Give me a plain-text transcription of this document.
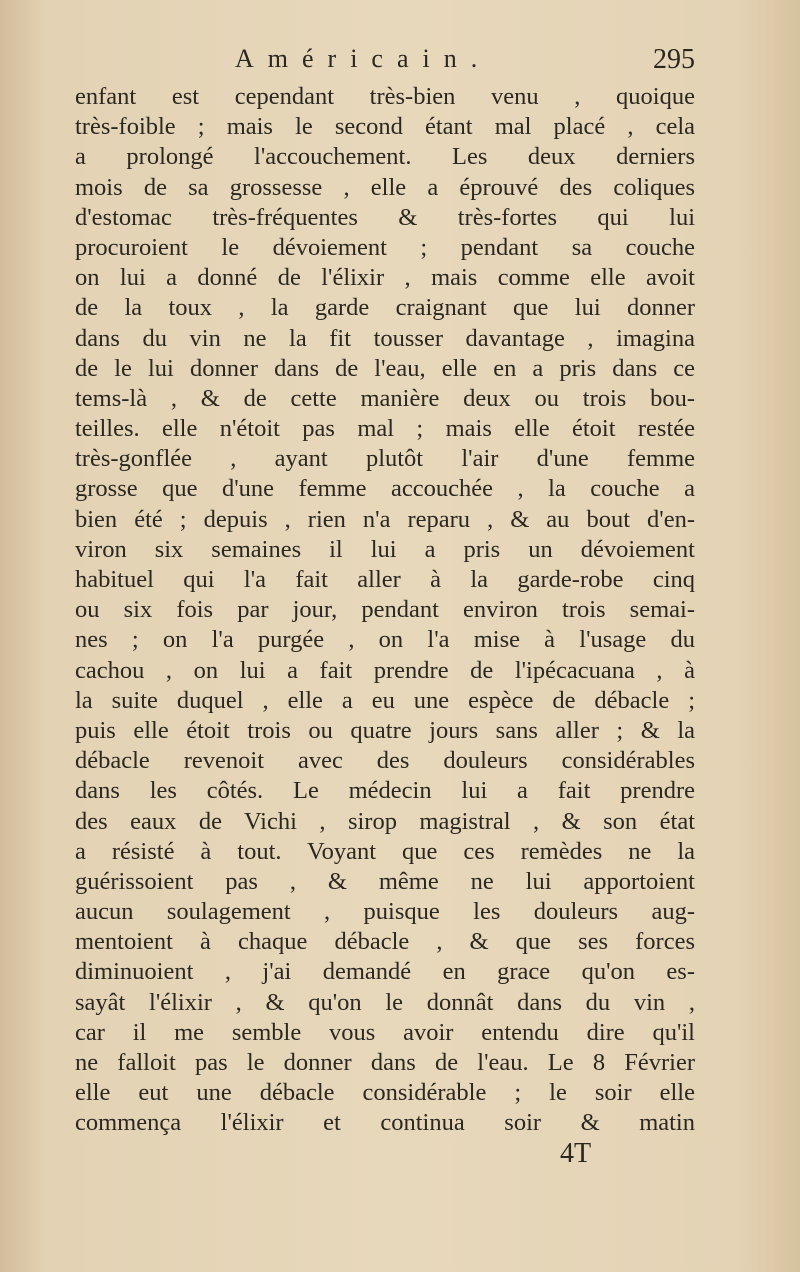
Américain.	295
enfant est cependant très-bien venu , quoique
très-foible ; mais le second étant mal placé , cela
a prolongé l'accouchement. Les deux derniers
mois de sa grossesse , elle a éprouvé des coliques
d'estomac très-fréquentes & très-fortes qui lui
procuroient le dévoiement ; pendant sa couche
on lui a donné de l'élixir , mais comme elle avoit
de la toux , la garde craignant que lui donner
dans du vin ne la fit tousser davantage , imagina
de le lui donner dans de l'eau, elle en a pris dans ce
tems-là , & de cette manière deux ou trois bou-
teilles. elle n'étoit pas mal ; mais elle étoit restée
très-gonflée , ayant plutôt l'air d'une femme
grosse que d'une femme accouchée , la couche a
bien été ; depuis , rien n'a reparu , & au bout d'en-
viron six semaines il lui a pris un dévoiement
habituel qui l'a fait aller à la garde-robe cinq
ou six fois par jour, pendant environ trois semai-
nes ; on l'a purgée , on l'a mise à l'usage du
cachou , on lui a fait prendre de l'ipécacuana , à
la suite duquel , elle a eu une espèce de débacle ;
puis elle étoit trois ou quatre jours sans aller ; & la
débacle revenoit avec des douleurs considérables
dans les côtés. Le médecin lui a fait prendre
des eaux de Vichi , sirop magistral , & son état
a résisté à tout. Voyant que ces remèdes ne la
guérissoient pas , & même ne lui apportoient
aucun soulagement , puisque les douleurs aug-
mentoient à chaque débacle , & que ses forces
diminuoient , j'ai demandé en grace qu'on es-
sayât l'élixir , & qu'on le donnât dans du vin ,
car il me semble vous avoir entendu dire qu'il
ne falloit pas le donner dans de l'eau. Le 8 Février
elle eut une débacle considérable ; le soir elle
commença l'élixir et continua soir & matin
4T
